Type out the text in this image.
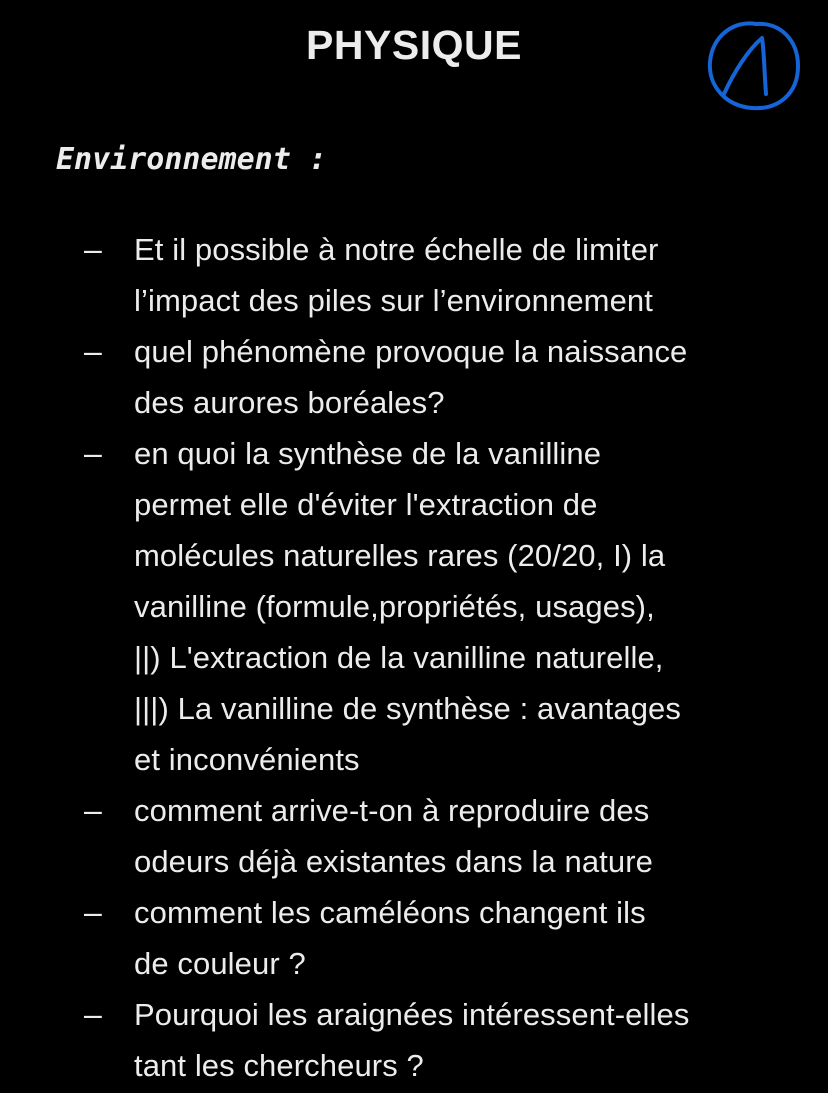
PHYSIQUE
Environnement :
–	Et il possible à notre échelle de limiter
l’impact des piles sur l’environnement
–	quel phénomène provoque la naissance
des aurores boréales?
–	en quoi la synthèse de la vanilline
permet elle d'éviter l'extraction de
molécules naturelles rares (20/20, I) la
vanilline (formule,propriétés, usages),
||) L'extraction de la vanilline naturelle,
|||) La vanilline de synthèse : avantages
et inconvénients
–	comment arrive-t-on à reproduire des
odeurs déjà existantes dans la nature
–	comment les caméléons changent ils
de couleur ?
–	Pourquoi les araignées intéressent-elles
tant les chercheurs ?
